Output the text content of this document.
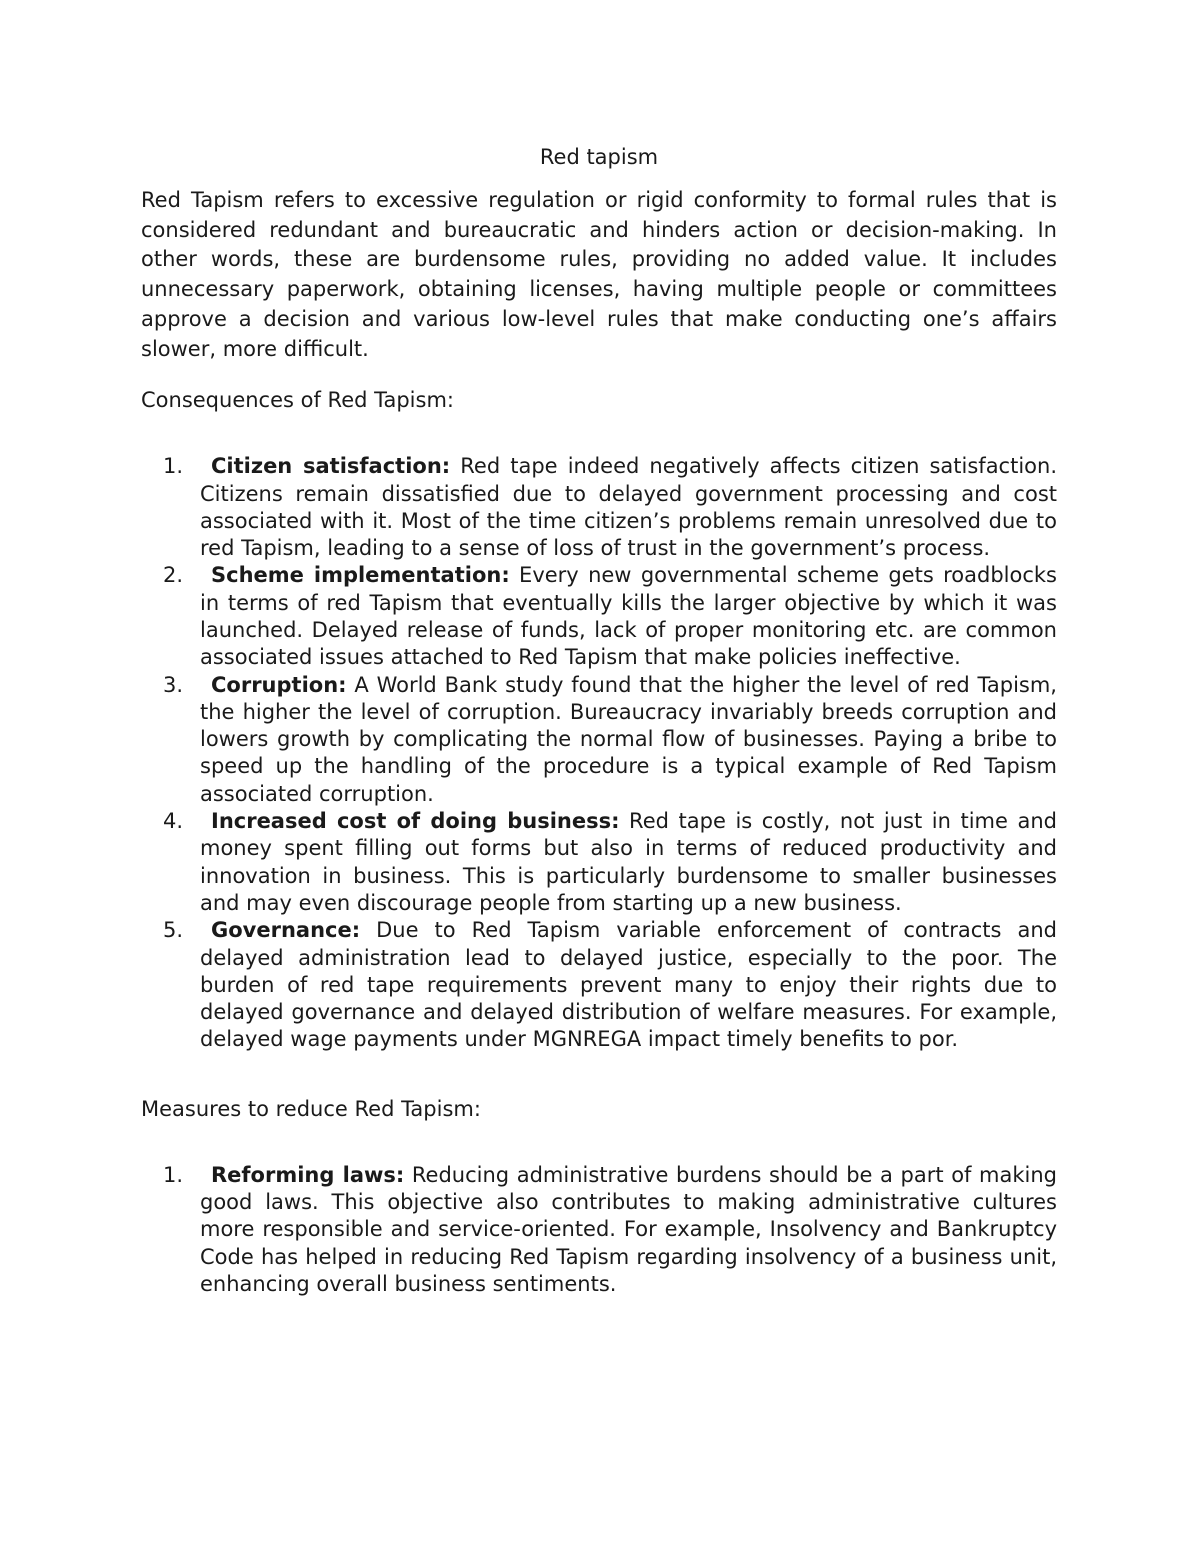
Red tapism

Red Tapism refers to excessive regulation or rigid conformity to formal rules that is considered redundant and bureaucratic and hinders action or decision-making. In other words, these are burdensome rules, providing no added value. It includes unnecessary paperwork, obtaining licenses, having multiple people or committees approve a decision and various low-level rules that make conducting one’s affairs slower, more difficult.

Consequences of Red Tapism:
1. Citizen satisfaction: Red tape indeed negatively affects citizen satisfaction. Citizens remain dissatisfied due to delayed government processing and cost associated with it. Most of the time citizen’s problems remain unresolved due to red Tapism, leading to a sense of loss of trust in the government’s process.
2. Scheme implementation: Every new governmental scheme gets roadblocks in terms of red Tapism that eventually kills the larger objective by which it was launched. Delayed release of funds, lack of proper monitoring etc. are common associated issues attached to Red Tapism that make policies ineffective.
3. Corruption: A World Bank study found that the higher the level of red Tapism, the higher the level of corruption. Bureaucracy invariably breeds corruption and lowers growth by complicating the normal flow of businesses. Paying a bribe to speed up the handling of the procedure is a typical example of Red Tapism associated corruption.
4. Increased cost of doing business: Red tape is costly, not just in time and money spent filling out forms but also in terms of reduced productivity and innovation in business. This is particularly burdensome to smaller businesses and may even discourage people from starting up a new business.
5. Governance: Due to Red Tapism variable enforcement of contracts and delayed administration lead to delayed justice, especially to the poor. The burden of red tape requirements prevent many to enjoy their rights due to delayed governance and delayed distribution of welfare measures. For example, delayed wage payments under MGNREGA impact timely benefits to por.
Measures to reduce Red Tapism:
1. Reforming laws: Reducing administrative burdens should be a part of making good laws. This objective also contributes to making administrative cultures more responsible and service-oriented. For example, Insolvency and Bankruptcy Code has helped in reducing Red Tapism regarding insolvency of a business unit, enhancing overall business sentiments.
